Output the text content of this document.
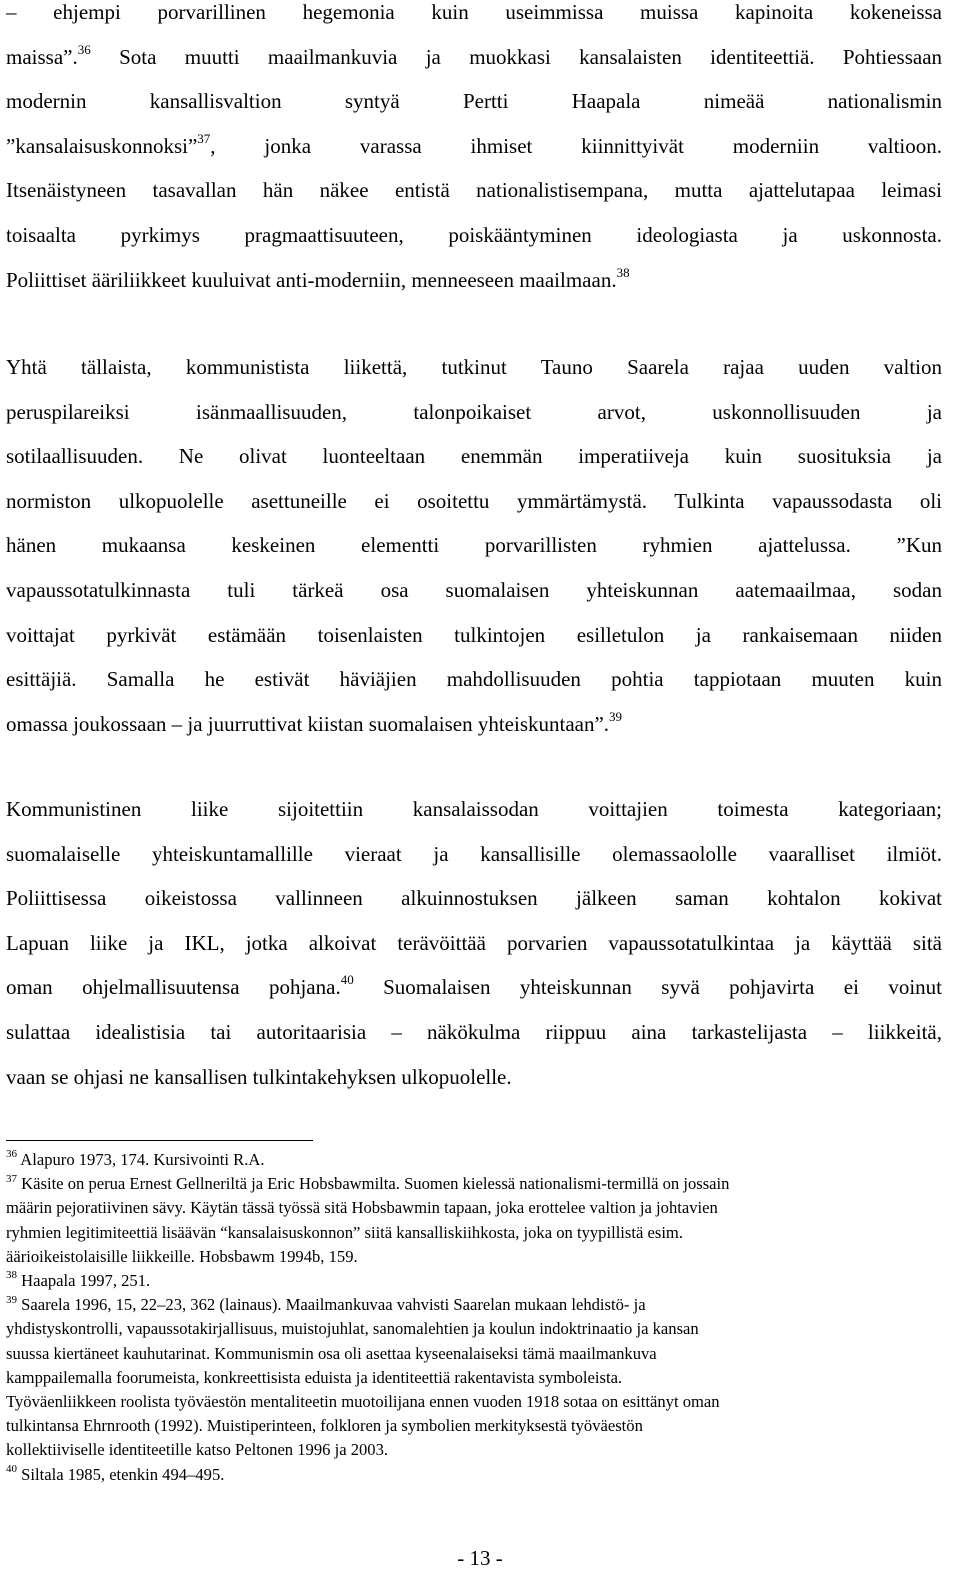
– ehjempi porvarillinen hegemonia kuin useimmissa muissa kapinoita kokeneissa
maissa”.$^{36}$ Sota muutti maailmankuvia ja muokkasi kansalaisten identiteettiä. Pohtiessaan
modernin kansallisvaltion syntyä Pertti Haapala nimeää nationalismin
”kansalaisuskonnoksi”$^{37}$, jonka varassa ihmiset kiinnittyivät moderniin valtioon.
Itsenäistyneen tasavallan hän näkee entistä nationalistisempana, mutta ajattelutapaa leimasi
toisaalta pyrkimys pragmaattisuuteen, poiskääntyminen ideologiasta ja uskonnosta.
Poliittiset ääriliikkeet kuuluivat anti-moderniin, menneeseen maailmaan.$^{38}$
Yhtä tällaista, kommunistista liikettä, tutkinut Tauno Saarela rajaa uuden valtion
peruspilareiksi isänmaallisuuden, talonpoikaiset arvot, uskonnollisuuden ja
sotilaallisuuden. Ne olivat luonteeltaan enemmän imperatiiveja kuin suosituksia ja
normiston ulkopuolelle asettuneille ei osoitettu ymmärtämystä. Tulkinta vapaussodasta oli
hänen mukaansa keskeinen elementti porvarillisten ryhmien ajattelussa. ”Kun
vapaussotatulkinnasta tuli tärkeä osa suomalaisen yhteiskunnan aatemaailmaa, sodan
voittajat pyrkivät estämään toisenlaisten tulkintojen esilletulon ja rankaisemaan niiden
esittäjiä. Samalla he estivät häviäjien mahdollisuuden pohtia tappiotaan muuten kuin
omassa joukossaan – ja juurruttivat kiistan suomalaisen yhteiskuntaan”.$^{39}$
Kommunistinen liike sijoitettiin kansalaissodan voittajien toimesta kategoriaan;
suomalaiselle yhteiskuntamallille vieraat ja kansallisille olemassaololle vaaralliset ilmiöt.
Poliittisessa oikeistossa vallinneen alkuinnostuksen jälkeen saman kohtalon kokivat
Lapuan liike ja IKL, jotka alkoivat terävöittää porvarien vapaussotatulkintaa ja käyttää sitä
oman ohjelmallisuutensa pohjana.$^{40}$ Suomalaisen yhteiskunnan syvä pohjavirta ei voinut
sulattaa idealistisia tai autoritaarisia – näkökulma riippuu aina tarkastelijasta – liikkeitä,
vaan se ohjasi ne kansallisen tulkintakehyksen ulkopuolelle.
$^{36}$ Alapuro 1973, 174. Kursivointi R.A.
$^{37}$ Käsite on perua Ernest Gellneriltä ja Eric Hobsbawmilta. Suomen kielessä nationalismi-termillä on jossain
määrin pejoratiivinen sävy. Käytän tässä työssä sitä Hobsbawmin tapaan, joka erottelee valtion ja johtavien
ryhmien legitimiteettiä lisäävän “kansalaisuskonnon” siitä kansalliskiihkosta, joka on tyypillistä esim.
äärioikeistolaisille liikkeille. Hobsbawm 1994b, 159.
$^{38}$ Haapala 1997, 251.
$^{39}$ Saarela 1996, 15, 22–23, 362 (lainaus). Maailmankuvaa vahvisti Saarelan mukaan lehdistö- ja
yhdistyskontrolli, vapaussotakirjallisuus, muistojuhlat, sanomalehtien ja koulun indoktrinaatio ja kansan
suussa kiertäneet kauhutarinat. Kommunismin osa oli asettaa kyseenalaiseksi tämä maailmankuva
kamppailemalla foorumeista, konkreettisista eduista ja identiteettiä rakentavista symboleista.
Työväenliikkeen roolista työväestön mentaliteetin muotoilijana ennen vuoden 1918 sotaa on esittänyt oman
tulkintansa Ehrnrooth (1992). Muistiperinteen, folkloren ja symbolien merkityksestä työväestön
kollektiiviselle identiteetille katso Peltonen 1996 ja 2003.
$^{40}$ Siltala 1985, etenkin 494–495.
- 13 -
